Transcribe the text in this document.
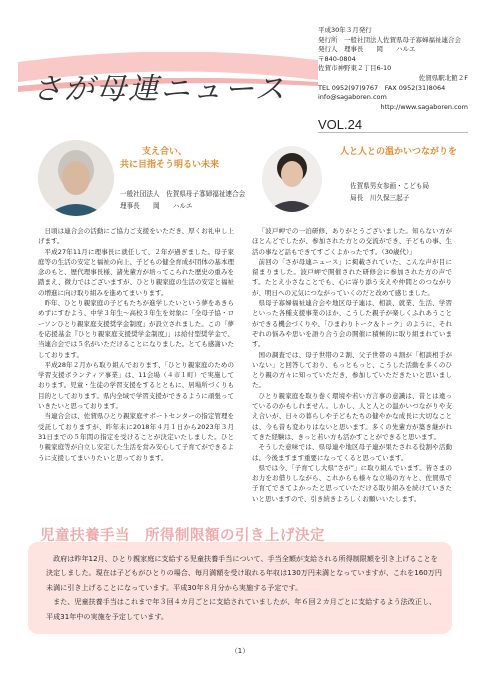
さが母連ニュース
平成30年３月発行
発行所　一般社団法人佐賀県母子寡婦福祉連合会
発行人　理事長　　岡　　ハルエ
〒840-0804
佐賀市神野東２丁目6-10
佐賀県駅北館２F
TEL 0952(97)9767　FAX 0952(31)8064
info@sagaboren.com
http://www.sagaboren.com
VOL.24
支え合い、
共に目指そう明るい未来
一般社団法人　佐賀県母子寡婦福祉連合会
理事長　　岡　　ハルエ
人と人との温かいつながりを
佐賀県男女参画・こども局
局長　川久保三起子

日頃は連合会の活動にご協力ご支援をいただき、厚くお礼申し上げます。

平成27年11月に理事長に就任して、２年が過ぎました。母子家庭等の生活の安定と福祉の向上、子どもの健全育成が団体の基本理念のもと、歴代理事長様、諸先輩方が培ってこられた歴史の重みを踏まえ、微力ではございますが、ひとり親家庭の生活の安定と福祉の増進に向け取り組みを進めてまいります。

昨年、ひとり親家庭の子どもたちが進学したいという夢をあきらめずにすむよう、中学３年生～高校３年生を対象に「全母子協・ローソンひとり親家庭支援奨学金制度」が設立されました。この「夢を応援基金『ひとり親家庭支援奨学金制度』」は給付型奨学金で、当連合会では５名がいただけることになりました。とても感謝いたしております。

平成28年２月から取り組んでおります、「ひとり親家庭のための学習支援ボランティア事業」は、11会場（４市１町）で実施しております。児童・生徒の学習支援をするとともに、居場所づくりも目的としております。県内全域で学習支援ができるように頑張っていきたいと思っております。

当連合会は、佐賀県ひとり親家庭サポートセンターの指定管理を受託しておりますが、昨年末に2018年４月１日から2023年３月31日までの５年間の指定を受けることが決定いたしました。ひとり親家庭等が自立し安定した生活を営み安心して子育てができるように支援してまいりたいと思っております。

「波戸岬での一泊研修、ありがとうございました。知らない方がほとんどでしたが、参加された方との交流ができ、子どもの事、生活の事など話もできてすごくよかったです。（30歳代）」

前回の「さが母連ニュース」に掲載されていた、こんな声が目に留まりました。波戸岬で開催された研修会に参加された方の声です。たとえ小さなことでも、心に寄り添う支えや仲間とのつながりが、明日への元気につながっていくのだと改めて感じました。

県母子寡婦福祉連合会や地区母子連は、相談、就業、生活、学習といった各種支援事業のほか、こうした親子が楽しくふれあうことができる機会づくりや、「ひまわりトーク＆トーク」のように、それぞれの悩みや思いを語り合う会の開催に積極的に取り組まれています。

国の調査では、母子世帯の２割、父子世帯の４割が「相談相手がいない」と回答しており、もっともっと、こうした活動を多くのひとり親の方々に知っていただき、参加していただきたいと思いました。

ひとり親家庭を取り巻く環境や若い方言事の意識は、昔とは違っているのかもしれません。しかし、人と人との温かいつながりや支え合いが、日々の暮らしや子どもたちの健やかな成長に大切なことは、今も昔も変わりはないと思います。多くの先輩方が築き継がれてきた経験は、きっと若い方も活かすことができると思います。

そうした意味では、県母連や地区母子連が果たされる役割や活動は、今後ますます重要になってくると思っています。

県では今、「子育てし大県“さが”」に取り組んでいます。皆さまのお力をお借りしながら、これからも様々な立場の方々と、佐賀県で子育てできてよかったと思っていただける取り組みを続けていきたいと思いますので、引き続きよろしくお願いいたします。

児童扶養手当　所得制限額の引き上げ決定

政府は昨年12月、ひとり親家庭に支給する児童扶養手当について、手当全額が支給される所得制限額を引き上げることを決定しました。現在は子どもがひとりの場合、毎月満額を受け取れる年収は130万円未満となっていますが、これを160万円未満に引き上げることになっています。平成30年８月分から実施する予定です。

また、児童扶養手当はこれまで年３回４カ月ごとに支給されていましたが、年６回２カ月ごとに支給するよう法改正し、平成31年中の実施を予定しています。

（1）
